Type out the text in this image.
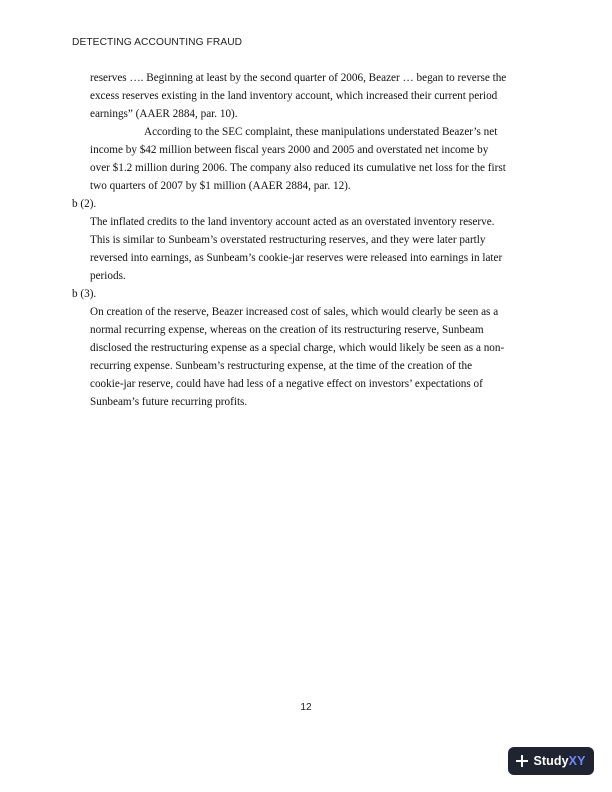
DETECTING ACCOUNTING FRAUD
reserves …. Beginning at least by the second quarter of 2006, Beazer … began to reverse the
excess reserves existing in the land inventory account, which increased their current period
earnings” (AAER 2884, par. 10).
According to the SEC complaint, these manipulations understated Beazer’s net
income by $42 million between fiscal years 2000 and 2005 and overstated net income by
over $1.2 million during 2006. The company also reduced its cumulative net loss for the first
two quarters of 2007 by $1 million (AAER 2884, par. 12).
b (2).
The inflated credits to the land inventory account acted as an overstated inventory reserve.
This is similar to Sunbeam’s overstated restructuring reserves, and they were later partly
reversed into earnings, as Sunbeam’s cookie-jar reserves were released into earnings in later
periods.
b (3).
On creation of the reserve, Beazer increased cost of sales, which would clearly be seen as a
normal recurring expense, whereas on the creation of its restructuring reserve, Sunbeam
disclosed the restructuring expense as a special charge, which would likely be seen as a non-
recurring expense. Sunbeam’s restructuring expense, at the time of the creation of the
cookie-jar reserve, could have had less of a negative effect on investors’ expectations of
Sunbeam’s future recurring profits.
12
StudyXY
